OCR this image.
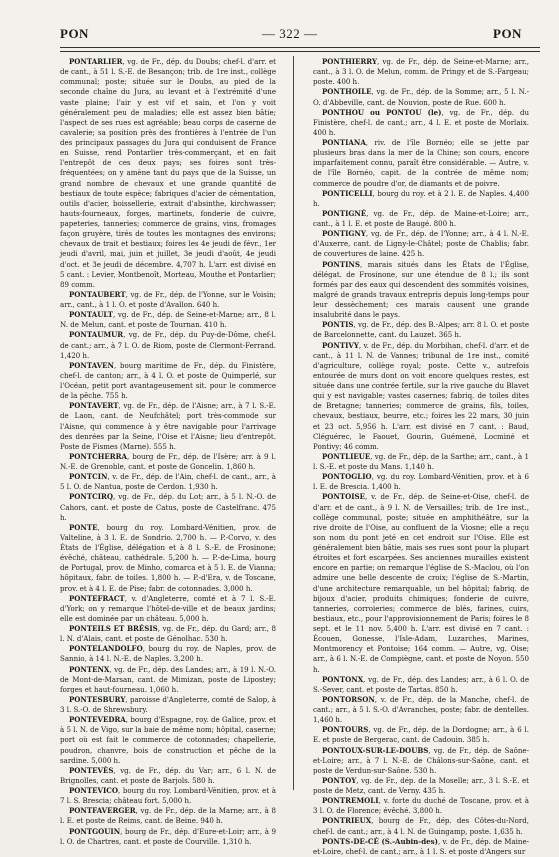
PON	— 322 —	PON

PONTARLIER, vg. de Fr., dép. du Doubs; chef-l. d'arr. et de cant., à 51 l. S.-E. de Besançon; trib. de 1re inst., collège communal; poste; située sur le Doubs, au pied de la seconde chaîne du Jura, au levant et à l'extrémité d'une vaste plaine; l'air y est vif et sain, et l'on y voit généralement peu de maladies; elle est assez bien bâtie; l'aspect de ses rues est agréable; beau corps de caserne de cavalerie; sa position près des frontières à l'entrée de l'un des principaux passages du Jura qui conduisent de France en Suisse, rend Pontarlier très-commerçant, et en fait l'entrepôt de ces deux pays; ses foires sont très-fréquentées; on y amène tant du pays que de la Suisse, un grand nombre de chevaux et une grande quantité de bestiaux de toute espèce; fabriques d'acier de cémentation, outils d'acier, boissellerie, extrait d'absinthe, kirchwasser; hauts-fourneaux, forges, martinets, fonderie de cuivre, papeteries, tanneries; commerce de grains, vins, fromages façon gruyère, tirés de toutes les montagnes des environs; chevaux de trait et bestiaux; foires les 4e jeudi de févr., 1er jeudi d'avril, mai, juin et juillet, 3e jeudi d'août, 4e jeudi d'oct. et 3e jeudi de décembre. 4,707 h. L'arr. est divisé en 5 cant. : Levier, Montbenoît, Morteau, Mouthe et Pontarlier; 89 comm.

PONTAUBERT, vg. de Fr., dép. de l'Yonne, sur le Voisin; arr., cant., à 1 l. O. et poste d'Avallon. 640 h.

PONTAULT, vg. de Fr., dép. de Seine-et-Marne; arr., 8 l. N. de Melun, cant. et poste de Tournan. 410 h.

PONTAUMUR, vg. de Fr., dép. du Puy-de-Dôme, chef-l. de cant.; arr., à 7 l. O. de Riom, poste de Clermont-Ferrand. 1,420 h.

PONTAVEN, bourg maritime de Fr., dép. du Finistère, chef-l. de canton; arr., à 4 l. O. et poste de Quimperlé, sur l'Océan, petit port avantageusement sit. pour le commerce de la pêche. 755 h.

PONTAVERT, vg. de Fr., dép. de l'Aisne; arr., à 7 l. S.-E. de Laon, cant. de Neufchâtel; port très-commode sur l'Aisne, qui commence à y être navigable pour l'arrivage des denrées par la Seine, l'Oise et l'Aisne; lieu d'entrepôt. Poste de Fismes (Marne). 555 h.

PONTCHERRA, bourg de Fr., dép. de l'Isère; arr. à 9 l. N.-E. de Grenoble, cant. et poste de Goncelin. 1,860 h.

PONTCIN, v. de Fr., dép. de l'Ain, chef-l. de cant., arr., à 5 l. O. de Nantua, poste de Cerdon. 1,930 h.

PONTCIRQ, vg. de Fr., dép. du Lot; arr., à 5 l. N.-O. de Cahors, cant. et poste de Catus, poste de Castelfranc. 475 h.

PONTE, bourg du roy. Lombard-Vénitien, prov. de Valteline, à 3 l. E. de Sondrio. 2,700 h. — P.-Corvo, v. des États de l'Église, délégation et à 8 l. S.-E. de Frosinone; évêché, château, cathédrale. 5,200 h. — P.-de-Lima, bourg de Portugal, prov. de Minho, comarca et à 5 l. E. de Vianna; hôpitaux, fabr. de toiles. 1,800 h. — P.-d'Era, v. de Toscane, prov. et à 4 l. E. de Pise; fabr. de cotonnades. 3,000 h.

PONTEFRACT, v. d'Angleterre, comté et à 7 l. S.-E. d'York; on y remarque l'hôtel-de-ville et de beaux jardins; elle est dominée par un château. 5,000 h.

PONTEILS ET BRÉSIS, vg. de Fr., dép. du Gard; arr., 8 l. N. d'Alais, cant. et poste de Génolhac. 530 h.

PONTELANDOLFO, bourg du roy. de Naples, prov. de Sannio, à 14 l. N.-E. de Naples. 3,200 h.

PONTENX, vg. de Fr., dép. des Landes; arr., à 19 l. N.-O. de Mont-de-Marsan, cant. de Mimizan, poste de Lipostey; forges et haut-fourneau. 1,060 h.

PONTESBURY, paroisse d'Angleterre, comté de Salop, à 3 l. S.-O. de Shrewsbury.

PONTEVEDRA, bourg d'Espagne, roy. de Galice, prov. et à 5 l. N. de Vigo, sur la baie de même nom; hôpital, caserne; port où est fait le commerce de cotonnades; chapellerie, poudron, chanvre, bois de construction et pêche de la sardine. 5,000 h.

PONTEVÈS, vg. de Fr., dép. du Var; arr., 6 l. N. de Brignolles, cant. et poste de Barjols. 580 h.

PONTEVICO, bourg du roy. Lombard-Vénitien, prov. et à 7 l. S. Brescia; château fort. 5,000 h.

PONTFAVERGER, vg. de Fr., dép. de la Marne; arr., à 8 l. E. et poste de Reims, cant. de Beine. 940 h.

PONTGOUIN, bourg de Fr., dép. d'Eure-et-Loir; arr., à 9 l. O. de Chartres, cant. et poste de Courville. 1,310 h.

PONTHIERRY, vg. de Fr., dép. de Seine-et-Marne; arr., cant., à 3 l. O. de Melun, comm. de Pringy et de S.-Fargeau; poste. 400 h.

PONTHOILE, vg. de Fr., dép. de la Somme; arr., 5 l. N.-O. d'Abbeville, cant. de Nouvion, poste de Rue. 600 h.

PONTHOU ou PONTOU (le), vg. de Fr., dép. du Finistère, chef-l. de cant.; arr., 4 l. E. et poste de Morlaix. 400 h.

PONTIANA, riv. de l'île Bornéo; elle se jette par plusieurs bras dans la mer de la Chine; son cours, encore imparfaitement connu, paraît être considérable. — Autre, v. de l'île Bornéo, capit. de la contrée de même nom; commerce de poudre d'or, de diamants et de poivre.

PONTICELLI, bourg du roy. et à 2 l. E. de Naples. 4,400 h.

PONTIGNÉ, vg. de Fr., dép. de Maine-et-Loire; arr., cant., à 1 l. E. et poste de Baugé. 800 h.

PONTIGNY, vg. de Fr., dép. de l'Yonne; arr., à 4 l. N.-E. d'Auxerre, cant. de Ligny-le-Châtel; poste de Chablis; fabr. de couvertures de laine. 425 h.

PONTINS, marais situés dans les États de l'Église, délégat. de Frosinone, sur une étendue de 8 l.; ils sont formés par des eaux qui descendent des sommités voisines, malgré de grands travaux entrepris depuis long-temps pour leur dessèchement; ces marais causent une grande insalubrité dans le pays.

PONTIS, vg. de Fr., dép. des B.-Alpes; arr. 8 l. O. et poste de Barcelonnette, cant. du Lauzet. 365 h.

PONTIVY, v. de Fr., dép. du Morbihan, chef-l. d'arr. et de cant., à 11 l. N. de Vannes; tribunal de 1re inst., comité d'agriculture, collège royal; poste. Cette v., autrefois entourée de murs dont on voit encore quelques restes, est située dans une contrée fertile, sur la rive gauche du Blavet qui y est navigable; vastes casernes; fabriq. de toiles dites de Bretagne; tanneries; commerce de grains, fils, toiles, chevaux, bestiaux, beurre, etc.; foires les 22 mars, 30 juin et 23 oct. 5,956 h. L'arr. est divisé en 7 cant. : Baud, Cléguérec, le Faouet, Gourin, Guémené, Locminé et Pontivy; 46 comm.

PONTLIEUE, vg. de Fr., dép. de la Sarthe; arr., cant., à 1 l. S.-E. et poste du Mans. 1,140 h.

PONTOGLIO, vg. du roy. Lombard-Vénitien, prov. et à 6 l. E. de Brescia. 1,400 h.

PONTOISE, v. de Fr., dép. de Seine-et-Oise, chef-l. de d'arr. et de cant., à 9 l. N. de Versailles; trib. de 1re inst., collège communal, poste; située en amphithéâtre, sur la rive droite de l'Oise, au confluent de la Viosne; elle a reçu son nom du pont jeté en cet endroit sur l'Oise. Elle est généralement bien bâtie, mais ses rues sont pour la plupart étroites et fort escarpées. Ses anciennes murailles existent encore en partie; on remarque l'église de S.-Maclou, où l'on admire une belle descente de croix; l'église de S.-Martin, d'une architecture remarquable, un bel hôpital; fabriq. de bijoux d'acier, produits chimiques; fonderie de cuivre, tanneries, corroieries; commerce de blés, farines, cuirs, bestiaux, etc., pour l'approvisionnement de Paris; foires le 8 sept. et le 11 nov. 5,400 h. L'arr. est divisé en 7 cant. : Écouen, Gonesse, l'Isle-Adam, Luzarches, Marines, Montmorency et Pontoise; 164 comm. — Autre, vg. Oise; arr., à 6 l. N.-E. de Compiègne, cant. et poste de Noyon. 550 h.

PONTONX, vg. de Fr., dép. des Landes; arr., à 6 l. O. de S.-Sever, cant. et poste de Tartas. 850 h.

PONTORSON, v. de Fr., dép. de la Manche, chef-l. de cant.; arr., à 5 l. S.-O. d'Avranches, poste; fabr. de dentelles. 1,460 h.

PONTOURS, vg. de Fr., dép. de la Dordogne; arr., à 6 l. E. et poste de Bergerac, cant. de Cadouin. 385 h.

PONTOUX-SUR-LE-DOUBS, vg. de Fr., dép. de Saône-et-Loire; arr., à 7 l. N.-E. de Châlons-sur-Saône, cant. et poste de Verdun-sur-Saône. 530 h.

PONTOY, vg. de Fr., dép. de la Moselle; arr., 3 l. S.-E. et poste de Metz, cant. de Verny. 435 h.

PONTREMOLI, v. forte du duché de Toscane, prov. et à 3 l. O. de Florence; évêché. 3,800 h.

PONTRIEUX, bourg de Fr., dép. des Côtes-du-Nord, chef-l. de cant.; arr., à 4 l. N. de Guingamp, poste. 1,635 h.

PONTS-DE-CÉ (S.-Aubin-des), v. de Fr., dép. de Maine-et-Loire, chef-l. de cant.; arr., à 1 l. S. et poste d'Angers sur
